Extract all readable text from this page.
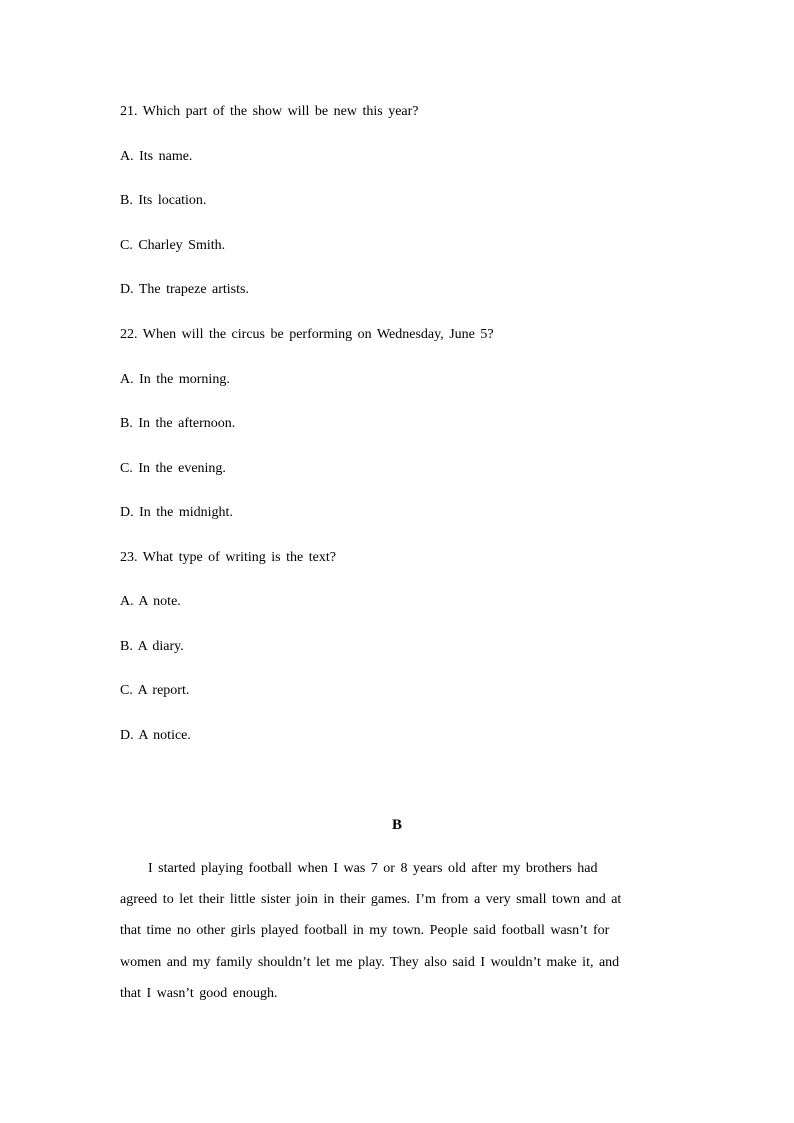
21. Which part of the show will be new this year?
A. Its name.
B. Its location.
C. Charley Smith.
D. The trapeze artists.
22. When will the circus be performing on Wednesday, June 5?
A. In the morning.
B. In the afternoon.
C. In the evening.
D. In the midnight.
23. What type of writing is the text?
A. A note.
B. A diary.
C. A report.
D. A notice.
B
I started playing football when I was 7 or 8 years old after my brothers had
agreed to let their little sister join in their games. I’m from a very small town and at
that time no other girls played football in my town. People said football wasn’t for
women and my family shouldn’t let me play. They also said I wouldn’t make it, and
that I wasn’t good enough.
